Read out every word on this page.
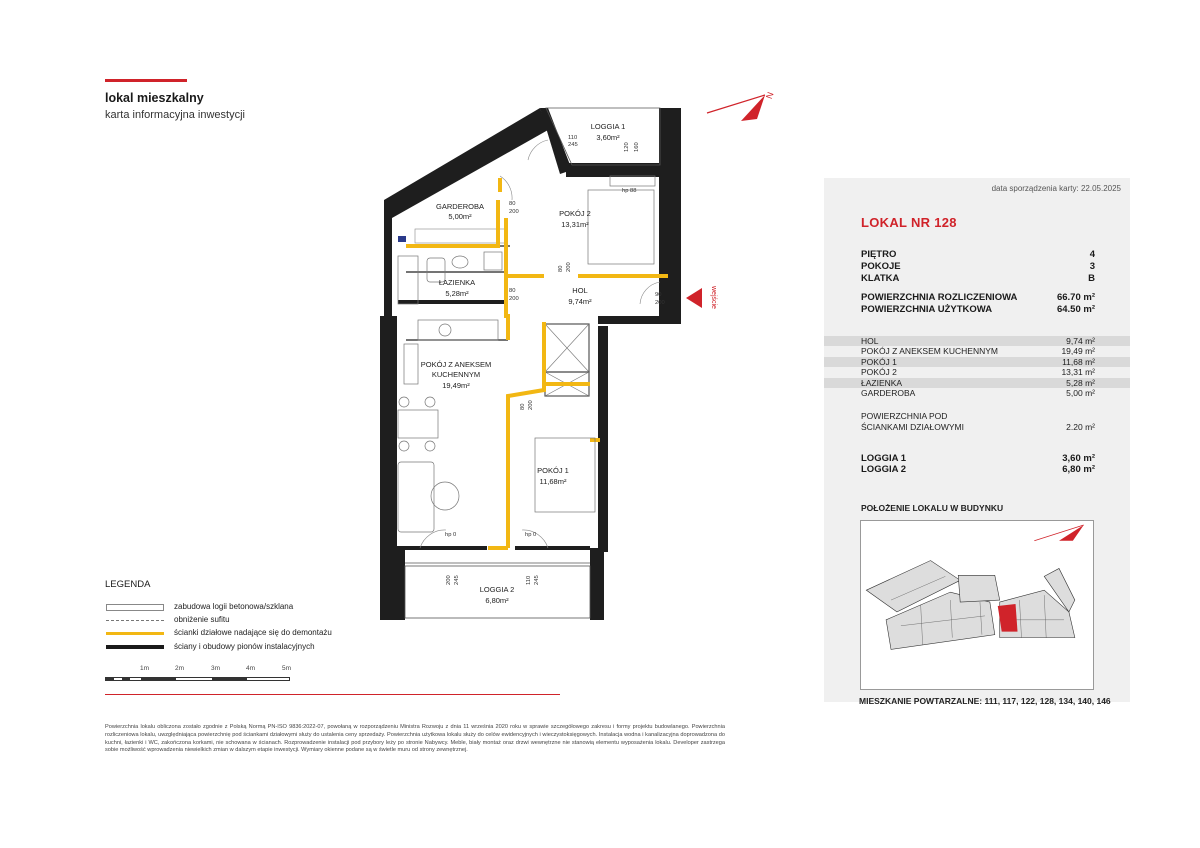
lokal mieszkalny
karta informacyjna inwestycji
N
LOGGIA 1
3,60m²
GARDEROBA
5,00m²	POKÓJ 2
13,31m²
ŁAZIENKA
5,28m²	HOL
9,74m²
POKÓJ Z ANEKSEM
KUCHENNYM
19,49m²
POKÓJ 1
11,68m²
LOGGIA 2
6,80m²
110
245	120 160
hp 88
80
200
80
200
80 200
90
200
80 200
hp 0	hp 0
200 245	110 245
wejście
LEGENDA
zabudowa logii betonowa/szklana
obniżenie sufitu
ścianki działowe nadające się do demontażu
ściany i obudowy pionów instalacyjnych
1m	2m	3m	4m	5m
Powierzchnia lokalu obliczona zostało zgodnie z Polską Normą PN-ISO 9836:2022-07, powołaną w rozporządzeniu Ministra Rozwoju z dnia 11 września 2020 roku w sprawie szczegółowego zakresu i formy projektu budowlanego. Powierzchnia rozliczeniowa lokalu, uwzględniająca powierzchnię pod ściankami działowymi służy do ustalenia ceny sprzedaży. Powierzchnia użytkowa lokalu służy do celów ewidencyjnych i wieczystoksięgowych. Instalacja wodna i kanalizacyjna doprowadzona do kuchni, łazienki i WC, zakończona korkami, nie schowana w ścianach. Rozprowadzenie instalacji pod przybory leży po stronie Nabywcy. Meble, biały montaż oraz drzwi wewnętrzne nie stanowią elementu wyposażenia lokalu. Developer zastrzega sobie możliwość wprowadzenia niewielkich zmian w dalszym etapie inwestycji. Wymiary okienne podane są w świetle muru od strony zewnętrznej.
data sporządzenia karty: 22.05.2025
LOKAL NR 128
PIĘTRO	4
POKOJE	3
KLATKA	B
POWIERZCHNIA ROZLICZENIOWA	66.70 m²
POWIERZCHNIA UŻYTKOWA	64.50 m²
HOL	9,74 m²
POKÓJ Z ANEKSEM KUCHENNYM	19,49 m²
POKÓJ 1	11,68 m²
POKÓJ 2	13,31 m²
ŁAZIENKA	5,28 m²
GARDEROBA	5,00 m²
POWIERZCHNIA POD
ŚCIANKAMI DZIAŁOWYMI	2.20 m²
LOGGIA 1	3,60 m²
LOGGIA 2	6,80 m²
POŁOŻENIE LOKALU W BUDYNKU
MIESZKANIE POWTARZALNE: 111, 117, 122, 128, 134, 140, 146
